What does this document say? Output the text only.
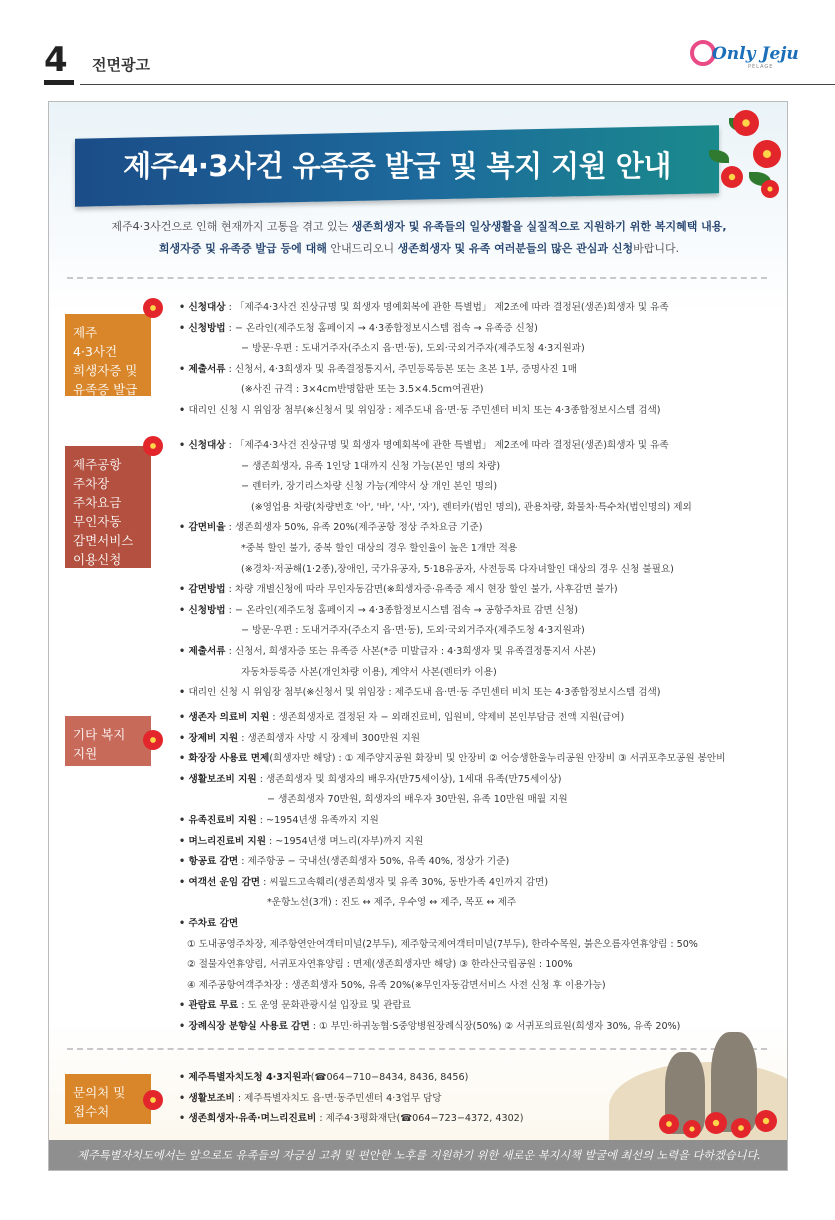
4 전면광고
Only Jeju
PELAGE
제주4·3사건 유족증 발급 및 복지 지원 안내
제주4·3사건으로 인해 현재까지 고통을 겪고 있는 생존희생자 및 유족들의 일상생활을 실질적으로 지원하기 위한 복지혜택 내용,
희생자증 및 유족증 발급 등에 대해 안내드리오니 생존희생자 및 유족 여러분들의 많은 관심과 신청바랍니다.
제주
4·3사건
희생자증 및
유족증 발급
• 신청대상 : 「제주4·3사건 진상규명 및 희생자 명예회복에 관한 특별법」 제2조에 따라 결정된(생존)희생자 및 유족
• 신청방법 : − 온라인(제주도청 홈페이지 → 4·3종합정보시스템 접속 → 유족증 신청)
− 방문·우편 : 도내거주자(주소지 읍·면·동), 도외·국외거주자(제주도청 4·3지원과)
• 제출서류 : 신청서, 4·3희생자 및 유족결정통지서, 주민등록등본 또는 초본 1부, 증명사진 1매
(※사진 규격 : 3×4cm반명함판 또는 3.5×4.5cm여권판)
• 대리인 신청 시 위임장 첨부(※신청서 및 위임장 : 제주도내 읍·면·동 주민센터 비치 또는 4·3종합정보시스템 검색)
제주공항
주차장
주차요금
무인자동
감면서비스
이용신청
• 신청대상 : 「제주4·3사건 진상규명 및 희생자 명예회복에 관한 특별법」 제2조에 따라 결정된(생존)희생자 및 유족
− 생존희생자, 유족 1인당 1대까지 신청 가능(본인 명의 차량)
− 렌터카, 장기리스차량 신청 가능(계약서 상 개인 본인 명의)
(※영업용 차량(차량번호 '아', '바', '사', '자'), 렌터카(법인 명의), 관용차량, 화물차·특수차(법인명의) 제외
• 감면비율 : 생존희생자 50%, 유족 20%(제주공항 정상 주차요금 기준)
*중복 할인 불가, 중복 할인 대상의 경우 할인율이 높은 1개만 적용
(※경차·저공해(1·2종),장애인, 국가유공자, 5·18유공자, 사전등록 다자녀할인 대상의 경우 신청 불필요)
• 감면방법 : 차량 개별신청에 따라 무인자동감면(※희생자증·유족증 제시 현장 할인 불가, 사후감면 불가)
• 신청방법 : − 온라인(제주도청 홈페이지 → 4·3종합정보시스템 접속 → 공항주차료 감면 신청)
− 방문·우편 : 도내거주자(주소지 읍·면·동), 도외·국외거주자(제주도청 4·3지원과)
• 제출서류 : 신청서, 희생자증 또는 유족증 사본(*증 미발급자 : 4·3희생자 및 유족결정통지서 사본)
자동차등록증 사본(개인차량 이용), 계약서 사본(렌터카 이용)
• 대리인 신청 시 위임장 첨부(※신청서 및 위임장 : 제주도내 읍·면·동 주민센터 비치 또는 4·3종합정보시스템 검색)
기타 복지
지원
• 생존자 의료비 지원 : 생존희생자로 결정된 자 − 외래진료비, 입원비, 약제비 본인부담금 전액 지원(급여)
• 장제비 지원 : 생존희생자 사망 시 장제비 300만원 지원
• 화장장 사용료 면제(희생자만 해당) : ① 제주양지공원 화장비 및 안장비 ② 어승생한울누리공원 안장비 ③ 서귀포추모공원 봉안비
• 생활보조비 지원 : 생존희생자 및 희생자의 배우자(만75세이상), 1세대 유족(만75세이상)
− 생존희생자 70만원, 희생자의 배우자 30만원, 유족 10만원 매월 지원
• 유족진료비 지원 : ~1954년생 유족까지 지원
• 며느리진료비 지원 : ~1954년생 며느리(자부)까지 지원
• 항공료 감면 : 제주항공 − 국내선(생존희생자 50%, 유족 40%, 정상가 기준)
• 여객선 운임 감면 : 씨월드고속훼리(생존희생자 및 유족 30%, 동반가족 4인까지 감면)
*운항노선(3개) : 진도 ↔ 제주, 우수영 ↔ 제주, 목포 ↔ 제주
• 주차료 감면
① 도내공영주차장, 제주항연안여객터미널(2부두), 제주항국제여객터미널(7부두), 한라수목원, 붉은오름자연휴양림 : 50%
② 절물자연휴양림, 서귀포자연휴양림 : 면제(생존희생자만 해당) ③ 한라산국립공원 : 100%
④ 제주공항여객주차장 : 생존희생자 50%, 유족 20%(※무인자동감면서비스 사전 신청 후 이용가능)
• 관람료 무료 : 도 운영 문화관광시설 입장료 및 관람료
• 장례식장 분향실 사용료 감면 : ① 부민·하귀농협·S중앙병원장례식장(50%) ② 서귀포의료원(희생자 30%, 유족 20%)
문의처 및
접수처
• 제주특별자치도청 4·3지원과(☎064−710−8434, 8436, 8456)
• 생활보조비 : 제주특별자치도 읍·면·동주민센터 4·3업무 담당
• 생존희생자·유족·며느리진료비 : 제주4·3평화재단(☎064−723−4372, 4302)
제주특별자치도에서는 앞으로도 유족들의 자긍심 고취 및 편안한 노후를 지원하기 위한 새로운 복지시책 발굴에 최선의 노력을 다하겠습니다.
